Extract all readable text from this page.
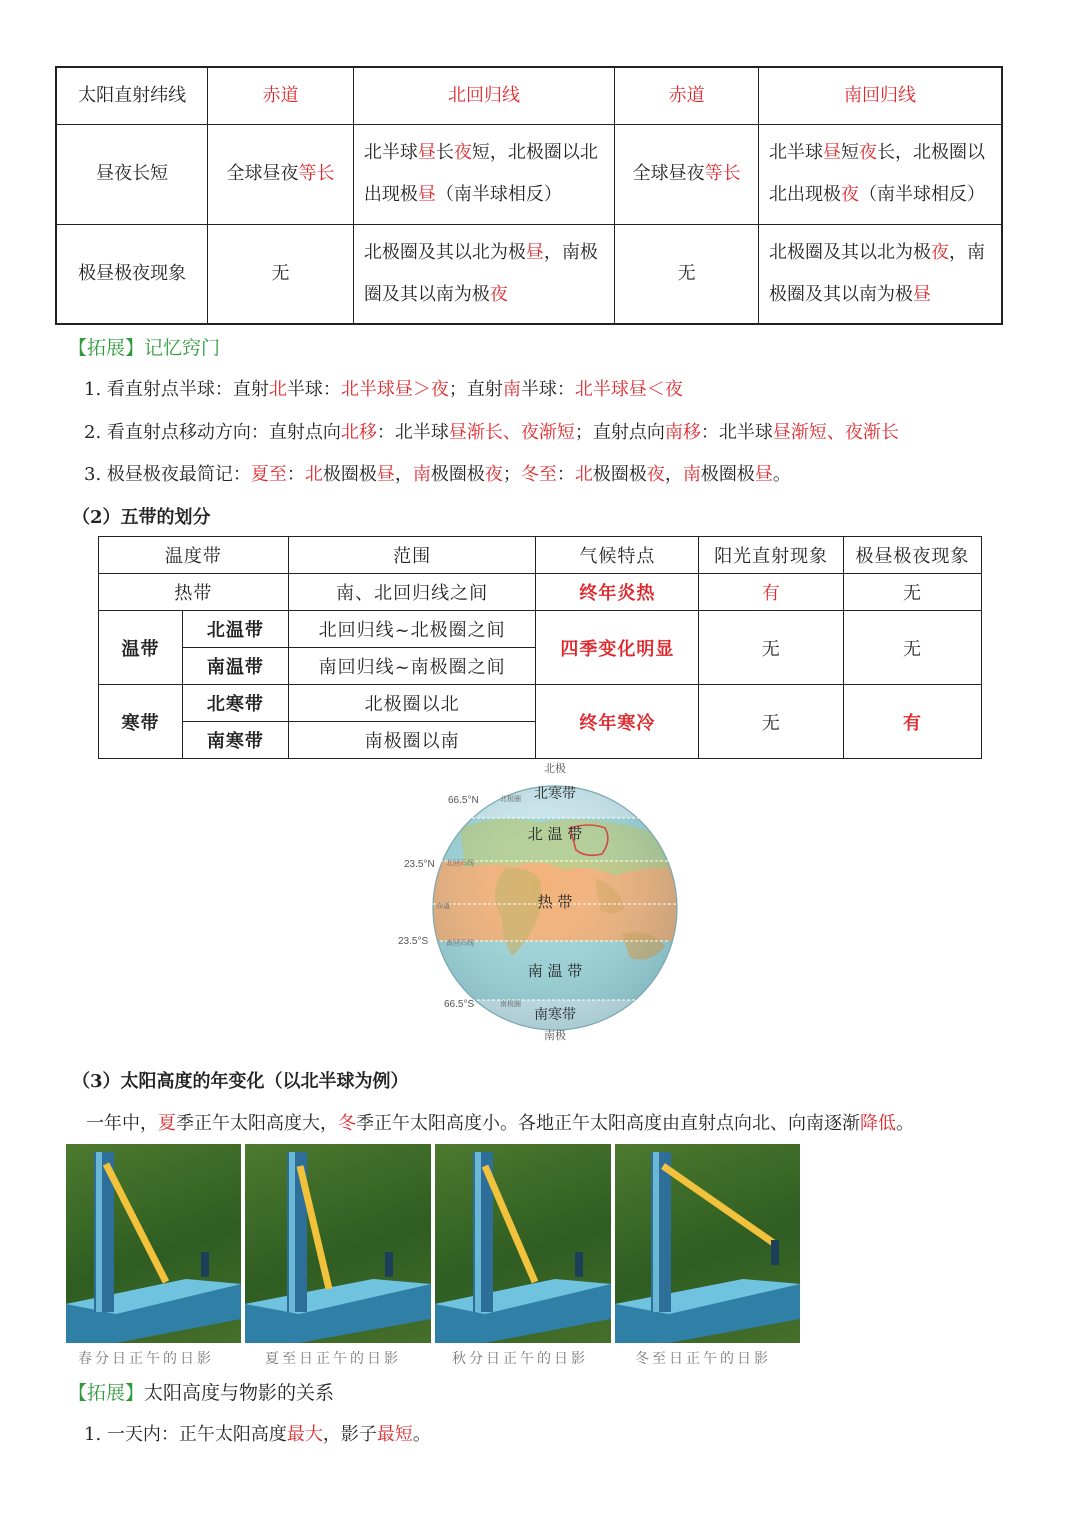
太阳直射纬线	赤道	北回归线	赤道	南回归线
昼夜长短	全球昼夜等长	北半球昼长夜短，北极圈以北出现极昼（南半球相反）	全球昼夜等长	北半球昼短夜长，北极圈以北出现极夜（南半球相反）
极昼极夜现象	无	北极圈及其以北为极昼，南极圈及其以南为极夜	无	北极圈及其以北为极夜，南极圈及其以南为极昼
【拓展】记忆窍门
1. 看直射点半球：直射北半球：北半球昼＞夜；直射南半球：北半球昼＜夜
2. 看直射点移动方向：直射点向北移：北半球昼渐长、夜渐短；直射点向南移：北半球昼渐短、夜渐长
3. 极昼极夜最简记：夏至：北极圈极昼，南极圈极夜；冬至：北极圈极夜，南极圈极昼。
（2）五带的划分
温度带		范围	气候特点	阳光直射现象	极昼极夜现象
热带		南、北回归线之间	终年炎热	有	无
温带	北温带	北回归线~北极圈之间	四季变化明显	无	无
	南温带	南回归线~南极圈之间			
寒带	北寒带	北极圈以北	终年寒冷	无	有
	南寒带	南极圈以南			
北极
南极
66.5°N
23.5°N
23.5°S
66.5°S
北极圈
北回归线
赤道
南回归线
南极圈
北寒带
北 温 带
热 带
南 温 带
南寒带
（3）太阳高度的年变化（以北半球为例）
一年中，夏季正午太阳高度大，冬季正午太阳高度小。各地正午太阳高度由直射点向北、向南逐渐降低。
春分日正午的日影	夏至日正午的日影	秋分日正午的日影	冬至日正午的日影
【拓展】太阳高度与物影的关系
1. 一天内：正午太阳高度最大，影子最短。
